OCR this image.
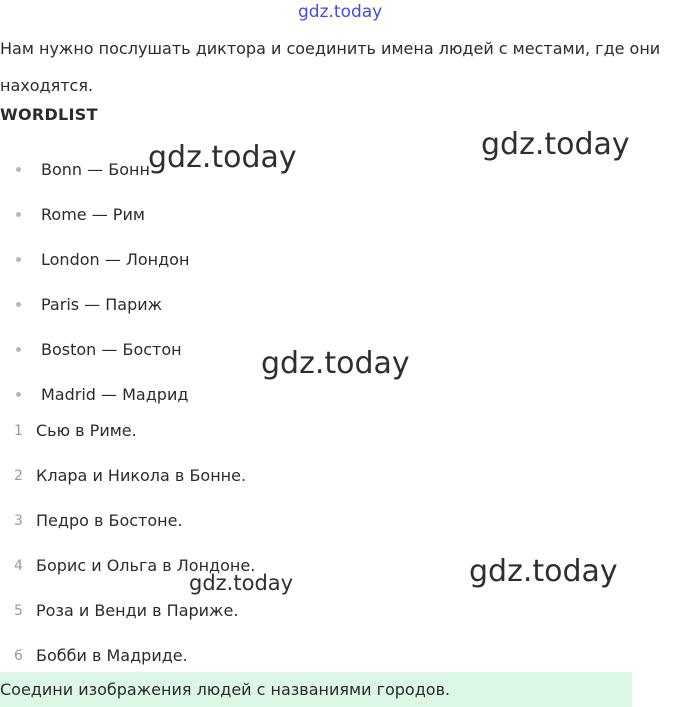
gdz.today

Нам нужно послушать диктора и соединить имена людей с местами, где они находятся.

WORDLIST
Bonn — Бонн
Rome — Рим
London — Лондон
Paris — Париж
Boston — Бостон
Madrid — Мадрид
1 Сью в Риме.
2 Клара и Никола в Бонне.
3 Педро в Бостоне.
4 Борис и Ольга в Лондоне.
5 Роза и Венди в Париже.
6 Бобби в Мадриде.
Соедини изображения людей с названиями городов.
gdz.today	gdz.today
gdz.today
gdz.today	gdz.today
